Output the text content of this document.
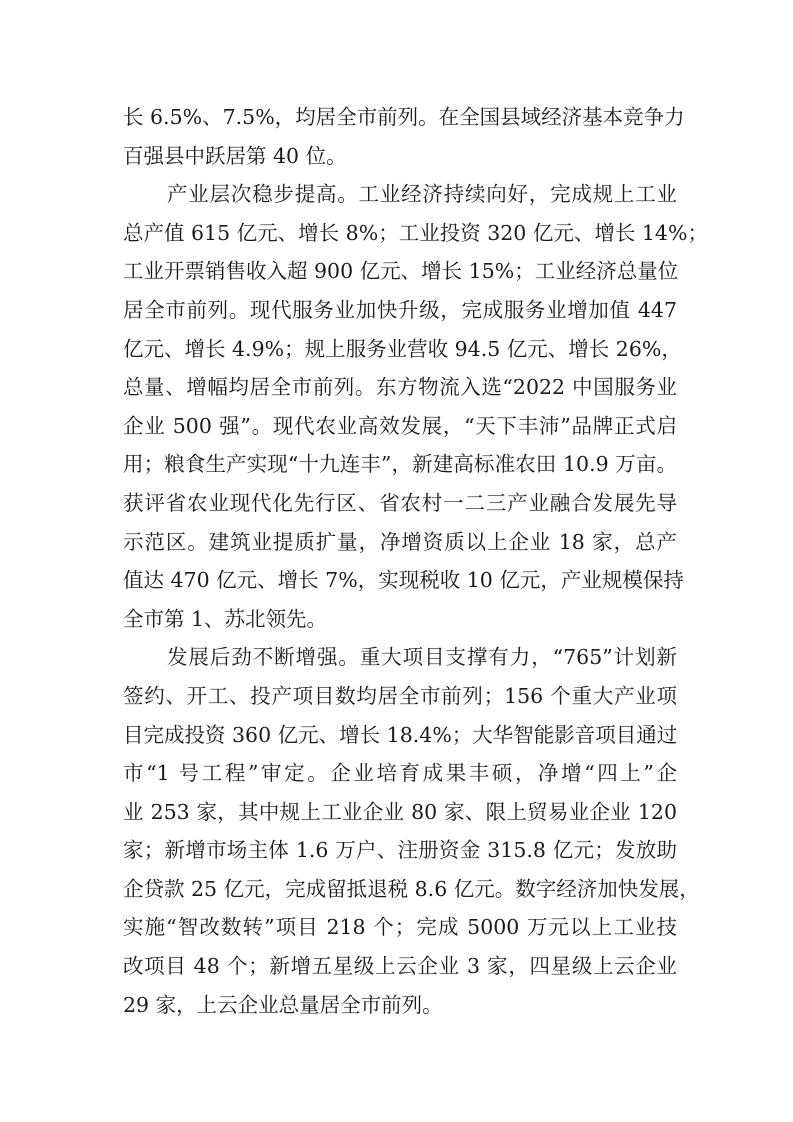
长 6.5%、7.5%，均居全市前列。在全国县域经济基本竞争力
百强县中跃居第 40 位。
产业层次稳步提高。工业经济持续向好，完成规上工业
总产值 615 亿元、增长 8%；工业投资 320 亿元、增长 14%；
工业开票销售收入超 900 亿元、增长 15%；工业经济总量位
居全市前列。现代服务业加快升级，完成服务业增加值 447
亿元、增长 4.9%；规上服务业营收 94.5 亿元、增长 26%，
总量、增幅均居全市前列。东方物流入选“2022 中国服务业
企业 500 强”。现代农业高效发展，“天下丰沛”品牌正式启
用；粮食生产实现“十九连丰”，新建高标准农田 10.9 万亩。
获评省农业现代化先行区、省农村一二三产业融合发展先导
示范区。建筑业提质扩量，净增资质以上企业 18 家，总产
值达 470 亿元、增长 7%，实现税收 10 亿元，产业规模保持
全市第 1、苏北领先。
发展后劲不断增强。重大项目支撑有力，“765”计划新
签约、开工、投产项目数均居全市前列；156 个重大产业项
目完成投资 360 亿元、增长 18.4%；大华智能影音项目通过
市“1 号工程”审定。企业培育成果丰硕，净增“四上”企
业 253 家，其中规上工业企业 80 家、限上贸易业企业 120
家；新增市场主体 1.6 万户、注册资金 315.8 亿元；发放助
企贷款 25 亿元，完成留抵退税 8.6 亿元。数字经济加快发展，
实施“智改数转”项目 218 个；完成 5000 万元以上工业技
改项目 48 个；新增五星级上云企业 3 家，四星级上云企业
29 家，上云企业总量居全市前列。
